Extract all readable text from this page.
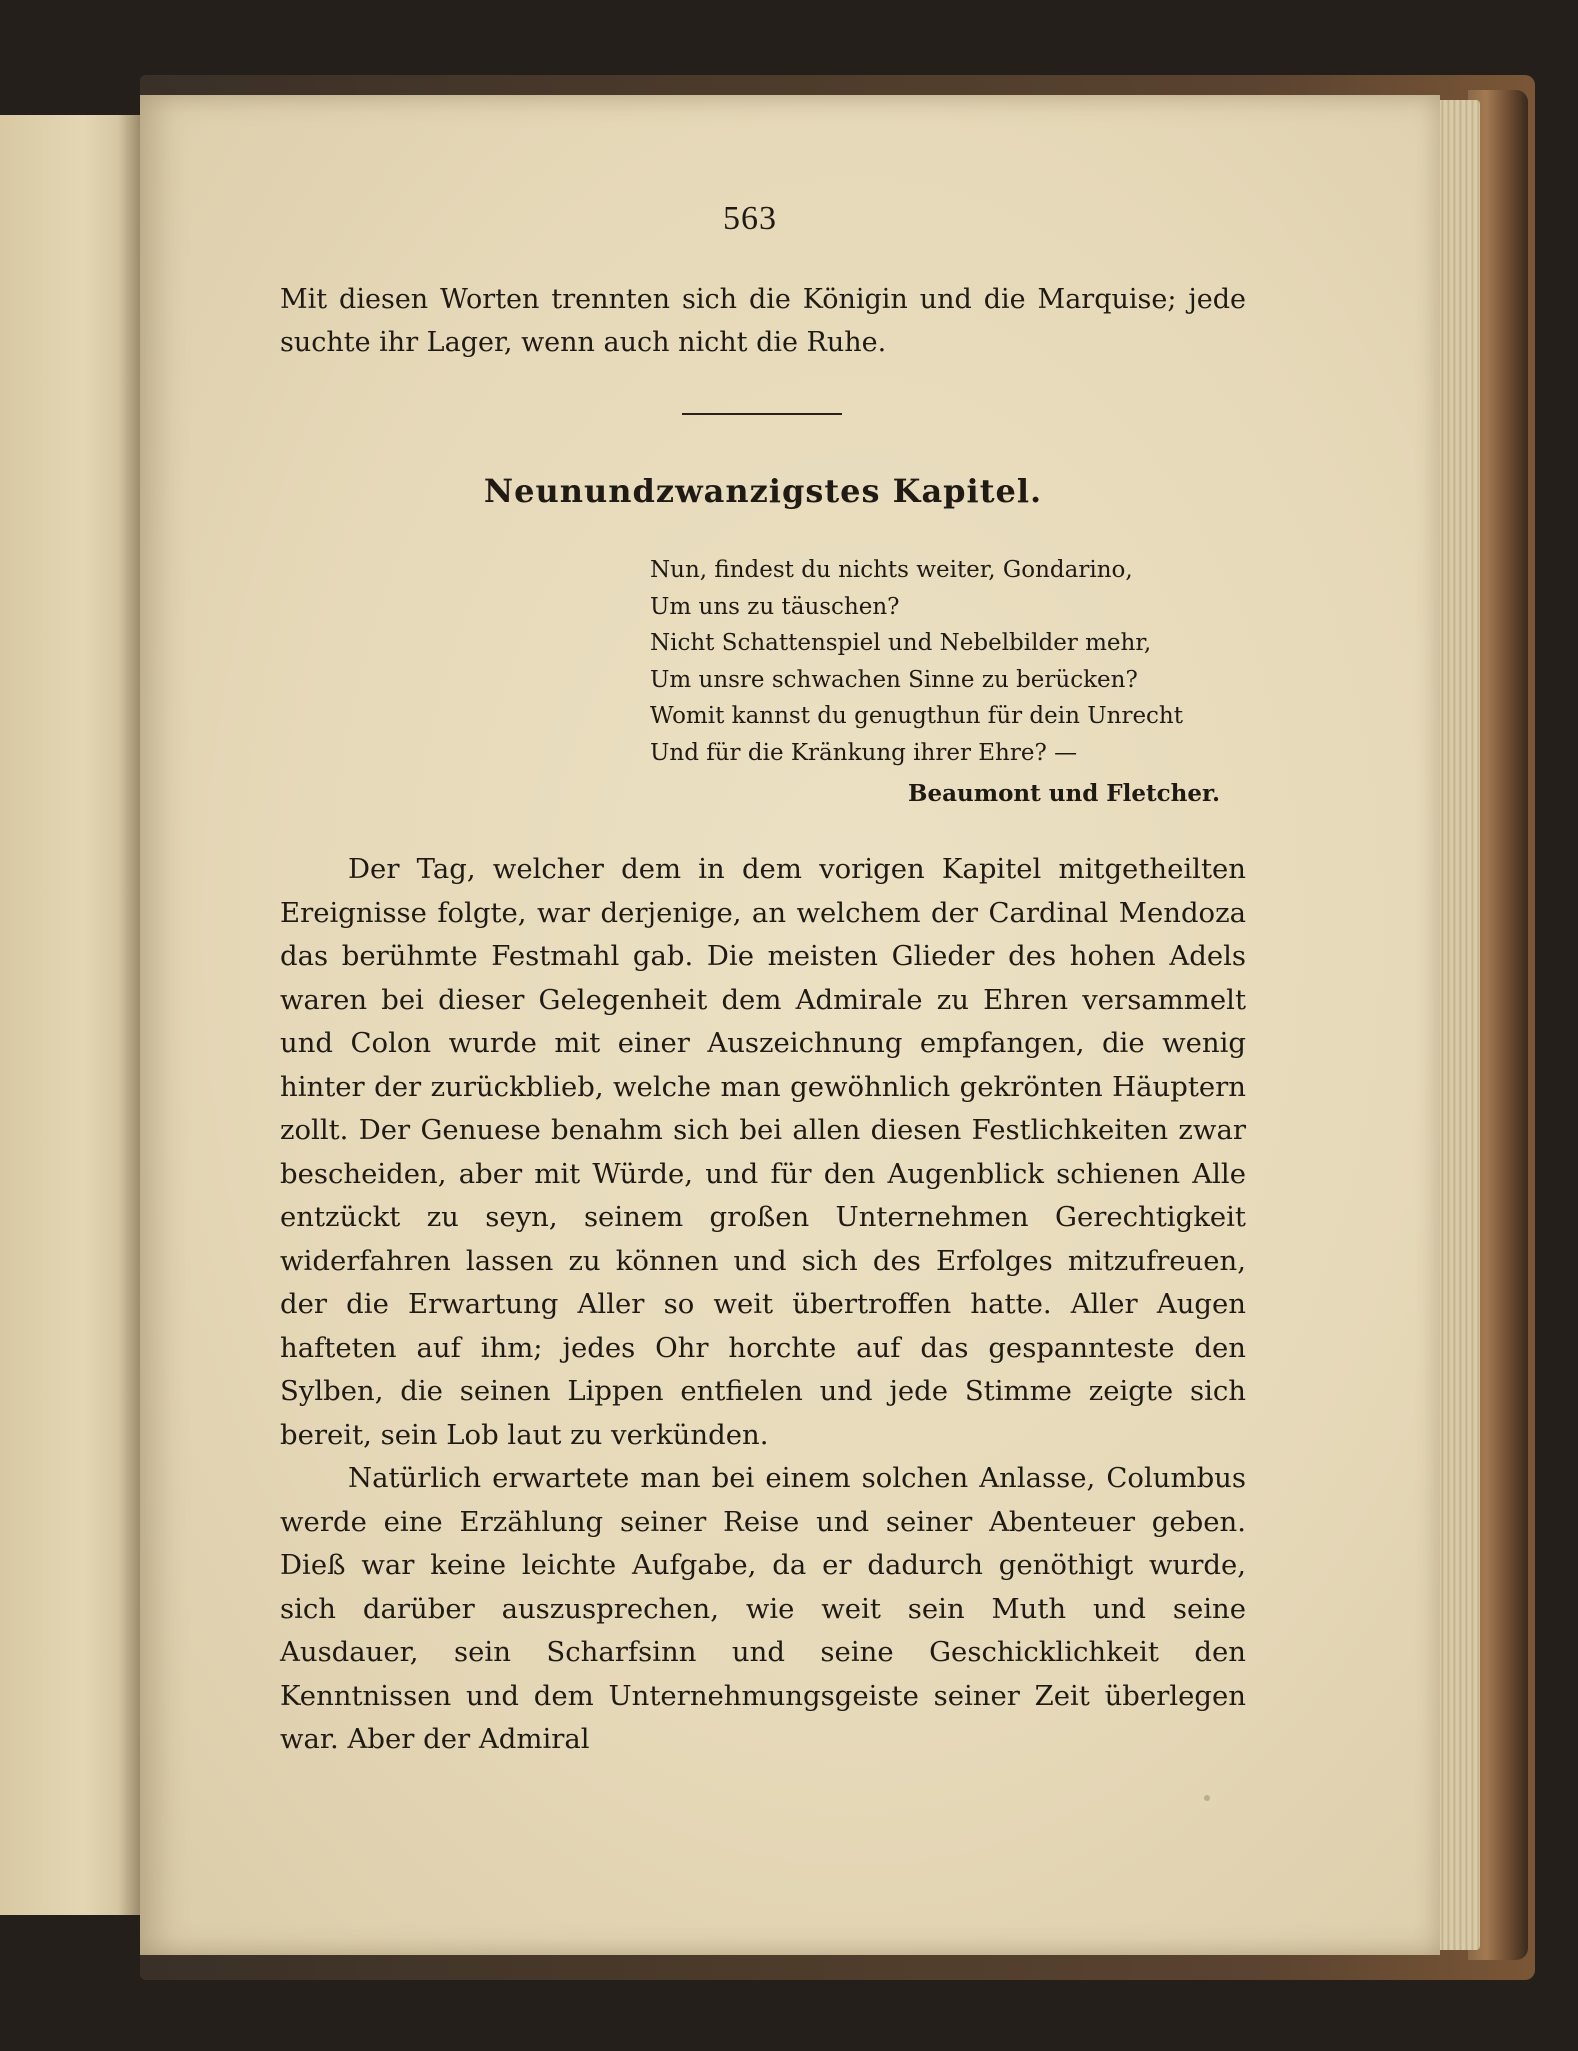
563
Mit diesen Worten trennten sich die Königin und die Marquise; jede suchte ihr Lager, wenn auch nicht die Ruhe.
Neunundzwanzigstes Kapitel.
Nun, findest du nichts weiter, Gondarino,
Um uns zu täuschen?
Nicht Schattenspiel und Nebelbilder mehr,
Um unsre schwachen Sinne zu berücken?
Womit kannst du genugthun für dein Unrecht
Und für die Kränkung ihrer Ehre? —
Beaumont und Fletcher.

Der Tag, welcher dem in dem vorigen Kapitel mitgetheilten Ereignisse folgte, war derjenige, an welchem der Cardinal Mendoza das berühmte Festmahl gab. Die meisten Glieder des hohen Adels waren bei dieser Gelegenheit dem Admirale zu Ehren versammelt und Colon wurde mit einer Auszeichnung empfangen, die wenig hinter der zurückblieb, welche man gewöhnlich gekrönten Häuptern zollt. Der Genuese benahm sich bei allen diesen Festlichkeiten zwar bescheiden, aber mit Würde, und für den Augenblick schienen Alle entzückt zu seyn, seinem großen Unternehmen Gerechtigkeit widerfahren lassen zu können und sich des Erfolges mitzufreuen, der die Erwartung Aller so weit übertroffen hatte. Aller Augen hafteten auf ihm; jedes Ohr horchte auf das gespannteste den Sylben, die seinen Lippen entfielen und jede Stimme zeigte sich bereit, sein Lob laut zu verkünden.

Natürlich erwartete man bei einem solchen Anlasse, Columbus werde eine Erzählung seiner Reise und seiner Abenteuer geben. Dieß war keine leichte Aufgabe, da er dadurch genöthigt wurde, sich darüber auszusprechen, wie weit sein Muth und seine Ausdauer, sein Scharfsinn und seine Geschicklichkeit den Kenntnissen und dem Unternehmungsgeiste seiner Zeit überlegen war. Aber der Admiral
